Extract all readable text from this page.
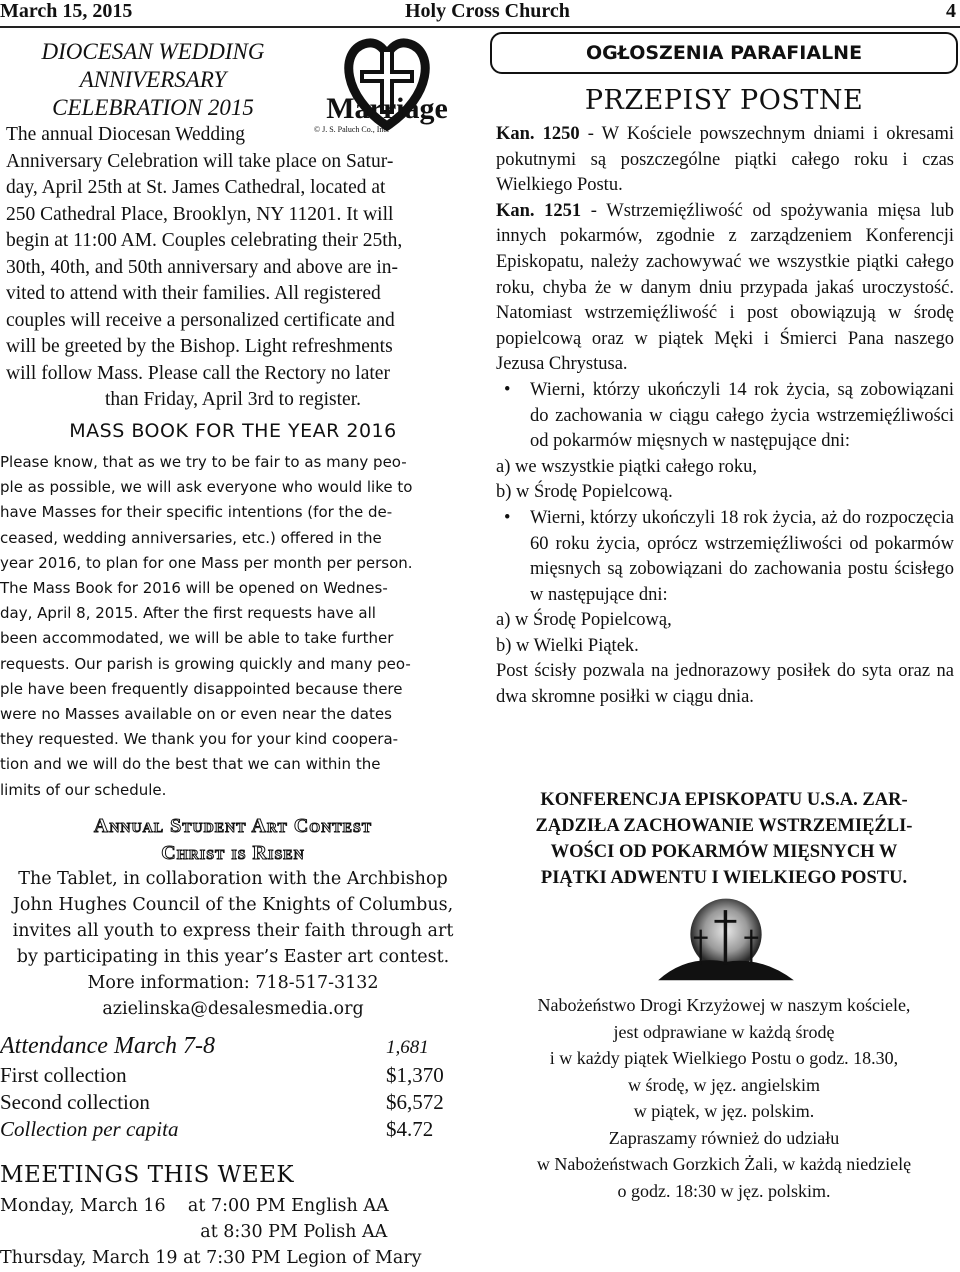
March 15, 2015	Holy Cross Church	4
DIOCESAN WEDDING
ANNIVERSARY
CELEBRATION 2015	Marriage
© J. S. Paluch Co., Inc.
The annual Diocesan Wedding
Anniversary Celebration will take place on Satur-
day, April 25th at St. James Cathedral, located at
250 Cathedral Place, Brooklyn, NY 11201. It will
begin at 11:00 AM. Couples celebrating their 25th,
30th, 40th, and 50th anniversary and above are in-
vited to attend with their families. All registered
couples will receive a personalized certificate and
will be greeted by the Bishop. Light refreshments
will follow Mass. Please call the Rectory no later
than Friday, April 3rd to register.
MASS BOOK FOR THE YEAR 2016
Please know, that as we try to be fair to as many peo-
ple as possible, we will ask everyone who would like to
have Masses for their specific intentions (for the de-
ceased, wedding anniversaries, etc.) offered in the
year 2016, to plan for one Mass per month per person.
The Mass Book for 2016 will be opened on Wednes-
day, April 8, 2015. After the first requests have all
been accommodated, we will be able to take further
requests. Our parish is growing quickly and many peo-
ple have been frequently disappointed because there
were no Masses available on or even near the dates
they requested. We thank you for your kind coopera-
tion and we will do the best that we can within the
limits of our schedule.
Annual Student Art Contest
Christ is Risen
The Tablet, in collaboration with the Archbishop
John Hughes Council of the Knights of Columbus,
invites all youth to express their faith through art
by participating in this year’s Easter art contest.
More information: 718-517-3132
azielinska@desalesmedia.org
Attendance March 7-8	1,681
First collection	$1,370
Second collection	$6,572
Collection per capita	$4.72
MEETINGS THIS WEEK
Monday, March 16    at 7:00 PM English AA
at 8:30 PM Polish AA
Thursday, March 19 at 7:30 PM Legion of Mary
OGŁOSZENIA PARAFIALNE
PRZEPISY POSTNE
Kan. 1250 - W Kościele powszechnym dniami i okresami pokutnymi są poszczególne piątki całego roku i czas Wielkiego Postu.
Kan. 1251 - Wstrzemięźliwość od spożywania mięsa lub innych pokarmów, zgodnie z zarządzeniem Konferencji Episkopatu, należy zachowywać we wszystkie piątki całego roku, chyba że w danym dniu przypada jakaś uroczystość. Natomiast wstrzemięźliwość i post obowiązują w środę popielcową oraz w piątek Męki i Śmierci Pana naszego Jezusa Chrystusa.
• Wierni, którzy ukończyli 14 rok życia, są zobowiązani do zachowania w ciągu całego życia wstrzemięźliwości od pokarmów mięsnych w następujące dni:
a) we wszystkie piątki całego roku,
b) w Środę Popielcową.
• Wierni, którzy ukończyli 18 rok życia, aż do rozpoczęcia 60 roku życia, oprócz wstrzemięźliwości od pokarmów mięsnych są zobowiązani do zachowania postu ścisłego w następujące dni:
a) w Środę Popielcową,
b) w Wielki Piątek.
Post ścisły pozwala na jednorazowy posiłek do syta oraz na dwa skromne posiłki w ciągu dnia.
KONFERENCJA EPISKOPATU U.S.A. ZAR-
ZĄDZIŁA ZACHOWANIE WSTRZEMIĘŹLI-
WOŚCI OD POKARMÓW MIĘSNYCH W
PIĄTKI ADWENTU I WIELKIEGO POSTU.
Nabożeństwo Drogi Krzyżowej w naszym kościele,
jest odprawiane w każdą środę
i w każdy piątek Wielkiego Postu o godz. 18.30,
w środę, w jęz. angielskim
w piątek, w jęz. polskim.
Zapraszamy również do udziału
w Nabożeństwach Gorzkich Żali, w każdą niedzielę
o godz. 18:30 w jęz. polskim.
